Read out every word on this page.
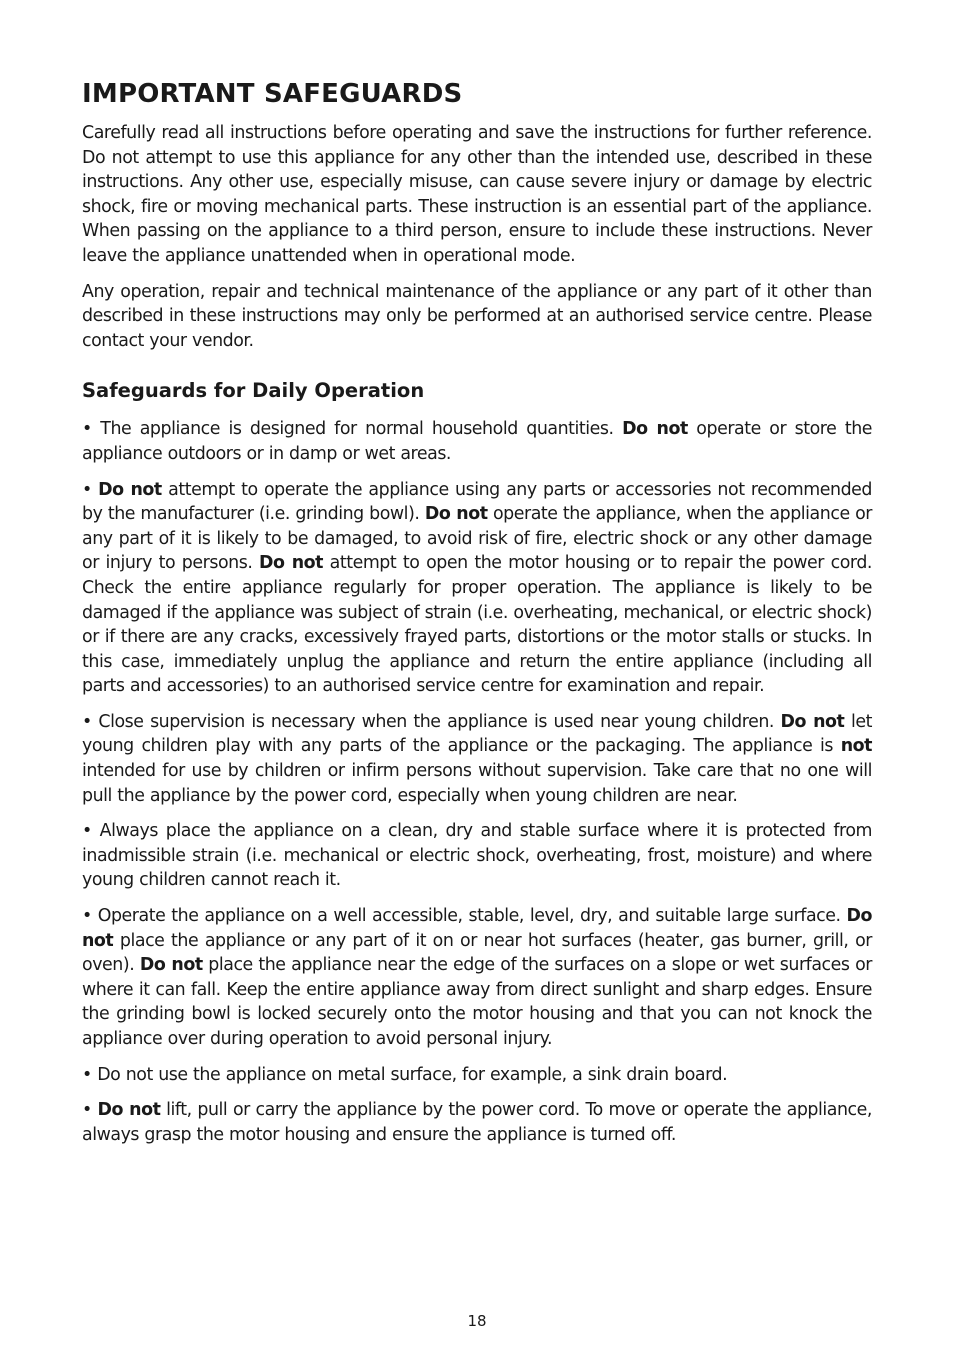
IMPORTANT SAFEGUARDS

Carefully read all instructions before operating and save the instructions for further reference. Do not attempt to use this appliance for any other than the intended use, described in these instructions. Any other use, especially misuse, can cause severe injury or damage by electric shock, fire or moving mechanical parts. These instruction is an essential part of the appliance. When passing on the appliance to a third person, ensure to include these instructions. Never leave the appliance unattended when in operational mode.

Any operation, repair and technical maintenance of the appliance or any part of it other than described in these instructions may only be performed at an authorised service centre. Please contact your vendor.

Safeguards for Daily Operation

• The appliance is designed for normal household quantities. Do not operate or store the appliance outdoors or in damp or wet areas.

• Do not attempt to operate the appliance using any parts or accessories not recommended by the manufacturer (i.e. grinding bowl). Do not operate the appliance, when the appliance or any part of it is likely to be damaged, to avoid risk of fire, electric shock or any other damage or injury to persons. Do not attempt to open the motor housing or to repair the power cord. Check the entire appliance regularly for proper operation. The appliance is likely to be damaged if the appliance was subject of strain (i.e. overheating, mechanical, or electric shock) or if there are any cracks, excessively frayed parts, distortions or the motor stalls or stucks. In this case, immediately unplug the appliance and return the entire appliance (including all parts and accessories) to an authorised service centre for examination and repair.

• Close supervision is necessary when the appliance is used near young children. Do not let young children play with any parts of the appliance or the packaging. The appliance is not intended for use by children or infirm persons without supervision. Take care that no one will pull the appliance by the power cord, especially when young children are near.

• Always place the appliance on a clean, dry and stable surface where it is protected from inadmissible strain (i.e. mechanical or electric shock, overheating, frost, moisture) and where young children cannot reach it.

• Operate the appliance on a well accessible, stable, level, dry, and suitable large surface. Do not place the appliance or any part of it on or near hot surfaces (heater, gas burner, grill, or oven). Do not place the appliance near the edge of the surfaces on a slope or wet surfaces or where it can fall. Keep the entire appliance away from direct sunlight and sharp edges. Ensure the grinding bowl is locked securely onto the motor housing and that you can not knock the appliance over during operation to avoid personal injury.

• Do not use the appliance on metal surface, for example, a sink drain board.

• Do not lift, pull or carry the appliance by the power cord. To move or operate the appliance, always grasp the motor housing and ensure the appliance is turned off.

18
